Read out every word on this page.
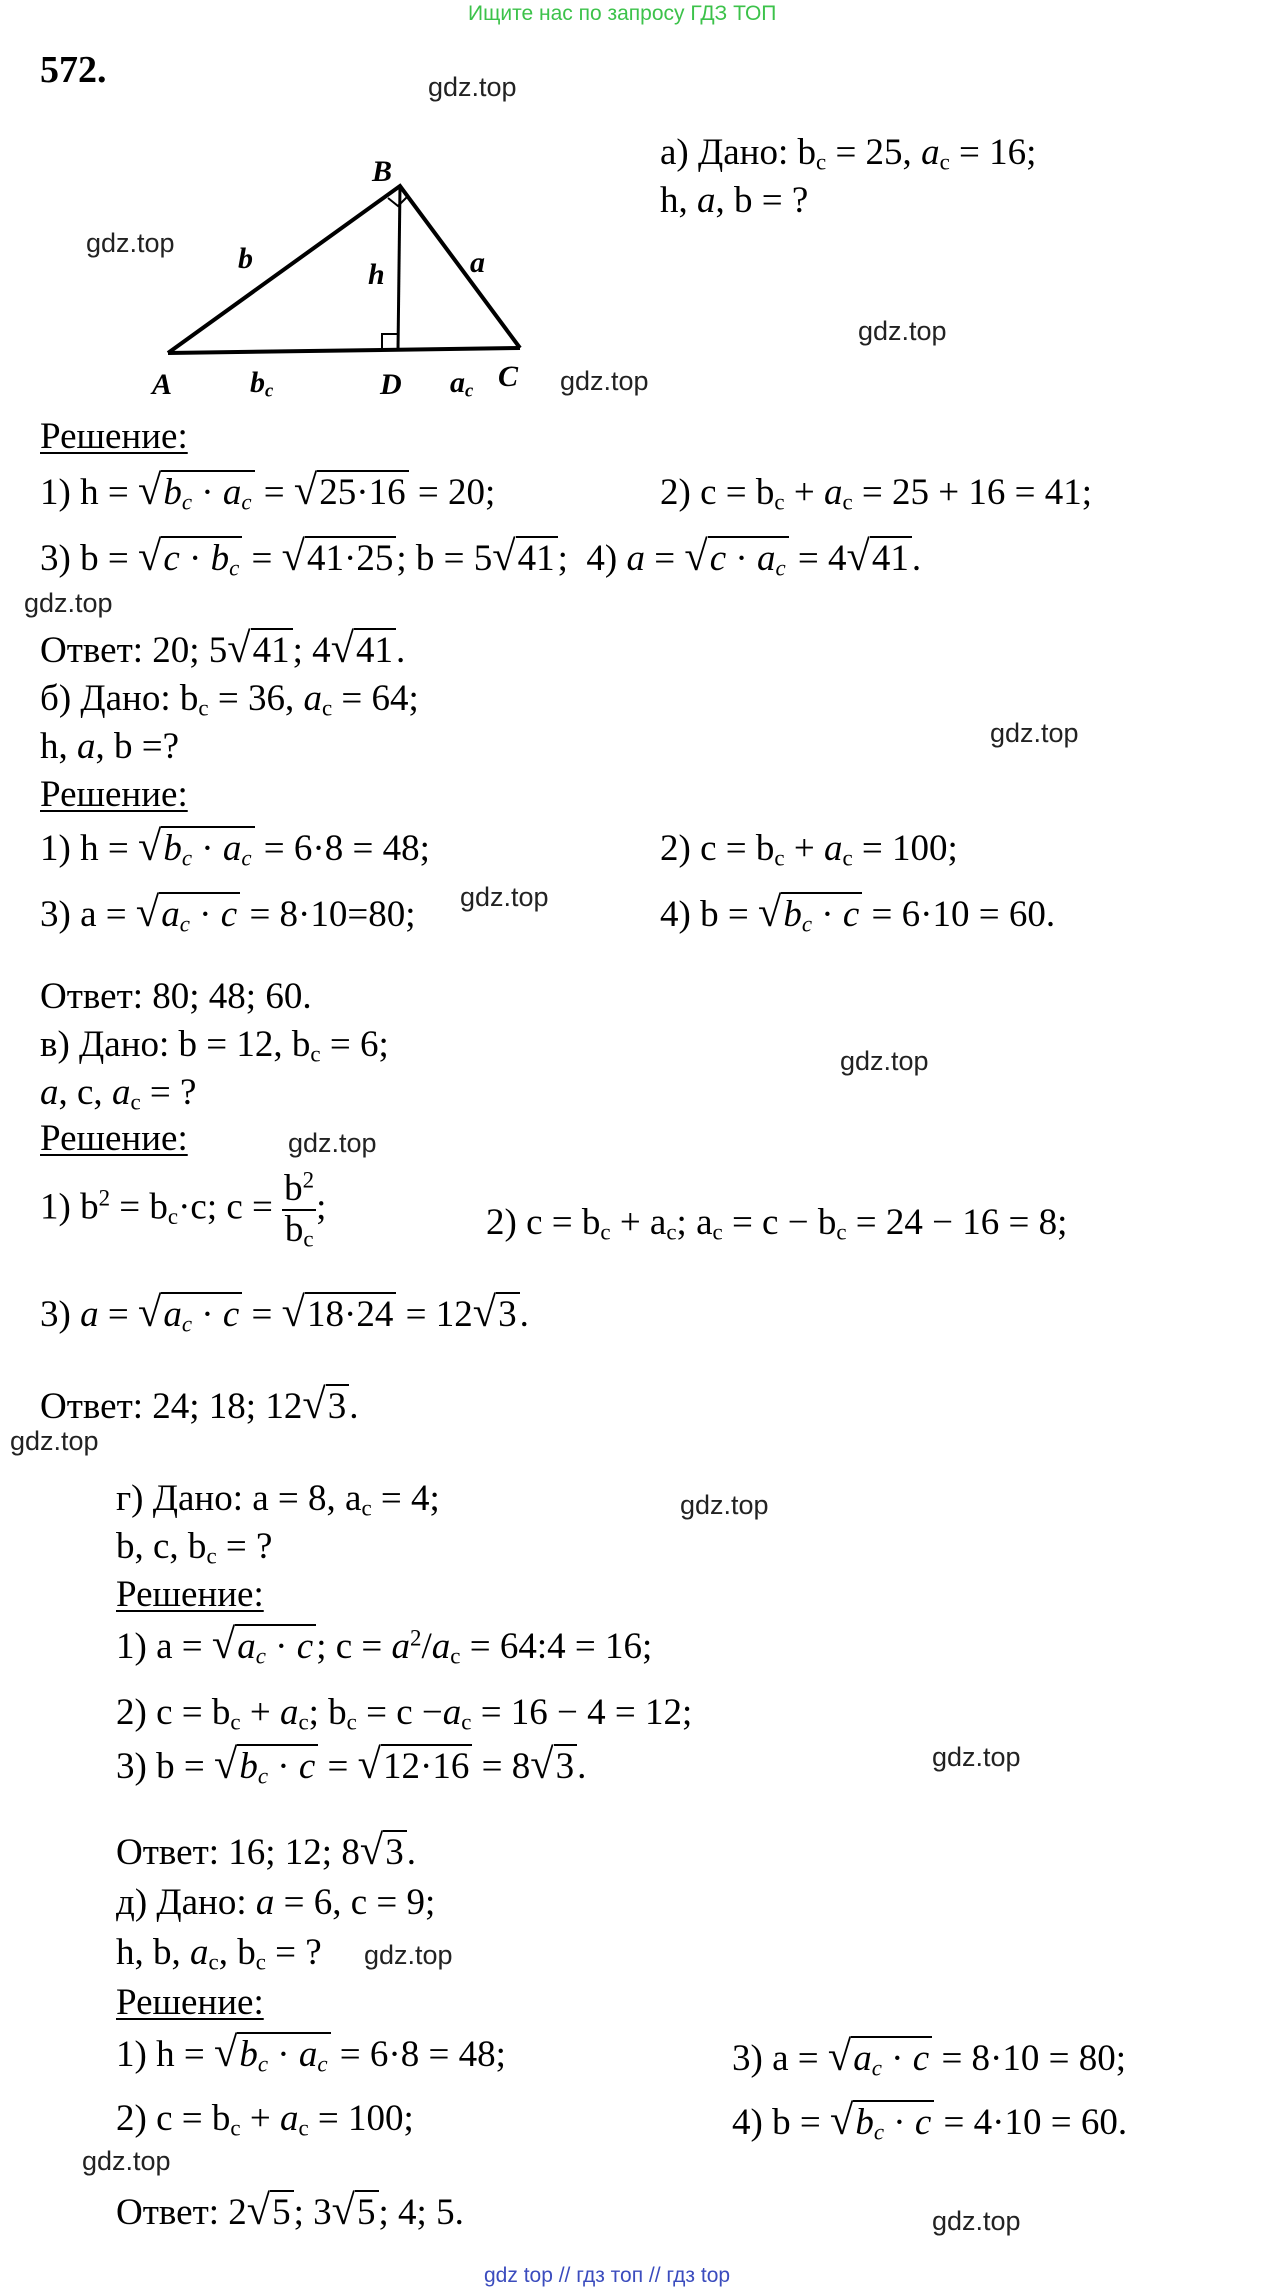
Ищите нас по запросу ГДЗ ТОП
572.	gdz.top
gdz.top
gdz.top
gdz.top
gdz.top
gdz.top
gdz.top
gdz.top
gdz.top
gdz.top
gdz.top
gdz.top
gdz.top
gdz.top
gdz.top
B
A	C
D
b	a
h
$b_c$	$a_c$
а) Дано: $b_c = 25$, $a_c = 16$;
h, a, b = ?
Решение:
1) $h = √b_c \cdot a_c = √25\cdot 16 = 20$;	2) $c = b_c + a_c = 25 + 16 = 41$;
3) $b = √c \cdot b_c = √41\cdot 25$; b = 5√41;  4) $a = √c \cdot a_c = 4√41$.
Ответ: 20; 5√41; 4√41.
б) Дано: $b_c = 36$, $a_c = 64$;
h, a, b =?
Решение:
1) $h = √b_c \cdot a_c = 6\cdot 8 = 48$;	2) $c = b_c + a_c = 100$;
3) $a = √a_c \cdot c = 8\cdot 10=80$;	4) $b = √b_c \cdot c = 6\cdot 10 = 60$.
Ответ: 80; 48; 60.
в) Дано: b = 12, $b_c = 6$;
a, c, $a_c$ = ?
Решение:
1) $b^2 = b_c\cdot c$; $c = \frac{b^2}{b_c}$ ;	2) $c = b_c + a_c$; $a_c = c - b_c = 24 - 16 = 8$;
3) $a = √a_c \cdot c = √18\cdot 24 = 12√3$.
Ответ: 24; 18; 12√3.
г) Дано: a = 8, $a_c = 4$;
b, c, $b_c$ = ?
Решение:
1) $a = √a_c \cdot c$; $c = a^2/a_c$ = 64:4 = 16;
2) $c = b_c + a_c$; $b_c = c -a_c = 16 - 4 = 12$;
3) $b = √b_c \cdot c = √12\cdot 16 = 8√3$.
Ответ: 16; 12; 8√3.
д) Дано: a = 6, c = 9;
h, b, $a_c$, $b_c$ = ?
Решение:
1) $h = √b_c \cdot a_c = 6\cdot 8 = 48$;	3) $a = √a_c \cdot c = 8\cdot 10 = 80$;
2) $c = b_c + a_c = 100$;	4) $b = √b_c \cdot c = 4\cdot 10 = 60$.
Ответ: 2√5; 3√5; 4; 5.
gdz top // гдз топ // гдз top
